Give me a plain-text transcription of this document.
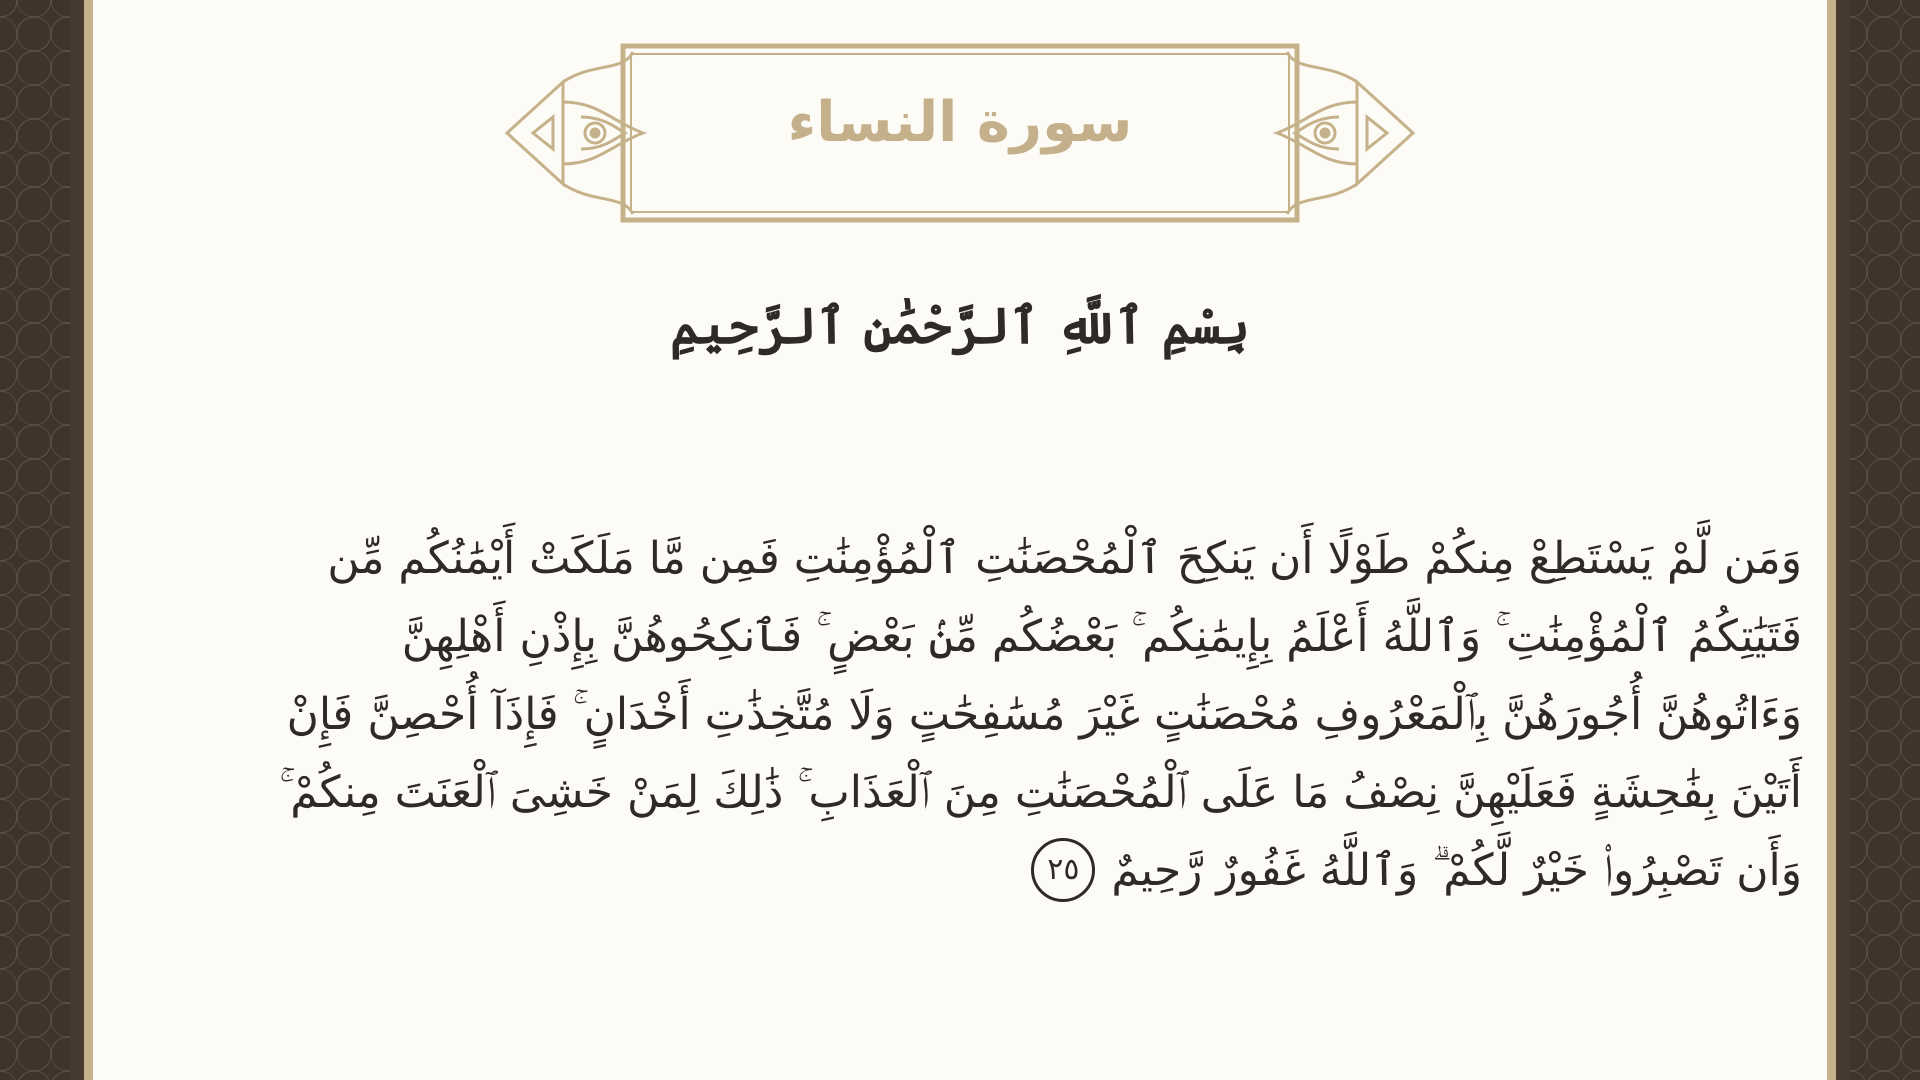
سورة النساء
بِسْمِ ٱللَّهِ ٱلرَّحْمَٰنِ ٱلرَّحِيمِ
وَمَن لَّمْ يَسْتَطِعْ مِنكُمْ طَوْلًا أَن يَنكِحَ ٱلْمُحْصَنَٰتِ ٱلْمُؤْمِنَٰتِ فَمِن مَّا مَلَكَتْ أَيْمَٰنُكُم مِّن
فَتَيَٰتِكُمُ ٱلْمُؤْمِنَٰتِ ۚ وَٱللَّهُ أَعْلَمُ بِإِيمَٰنِكُم ۚ بَعْضُكُم مِّنۢ بَعْضٍ ۚ فَٱنكِحُوهُنَّ بِإِذْنِ أَهْلِهِنَّ
وَءَاتُوهُنَّ أُجُورَهُنَّ بِٱلْمَعْرُوفِ مُحْصَنَٰتٍ غَيْرَ مُسَٰفِحَٰتٍ وَلَا مُتَّخِذَٰتِ أَخْدَانٍ ۚ فَإِذَآ أُحْصِنَّ فَإِنْ
أَتَيْنَ بِفَٰحِشَةٍ فَعَلَيْهِنَّ نِصْفُ مَا عَلَى ٱلْمُحْصَنَٰتِ مِنَ ٱلْعَذَابِ ۚ ذَٰلِكَ لِمَنْ خَشِىَ ٱلْعَنَتَ مِنكُمْ ۚ
وَأَن تَصْبِرُوا۟ خَيْرٌ لَّكُمْ ۗ وَٱللَّهُ غَفُورٌ رَّحِيمٌ٢٥
